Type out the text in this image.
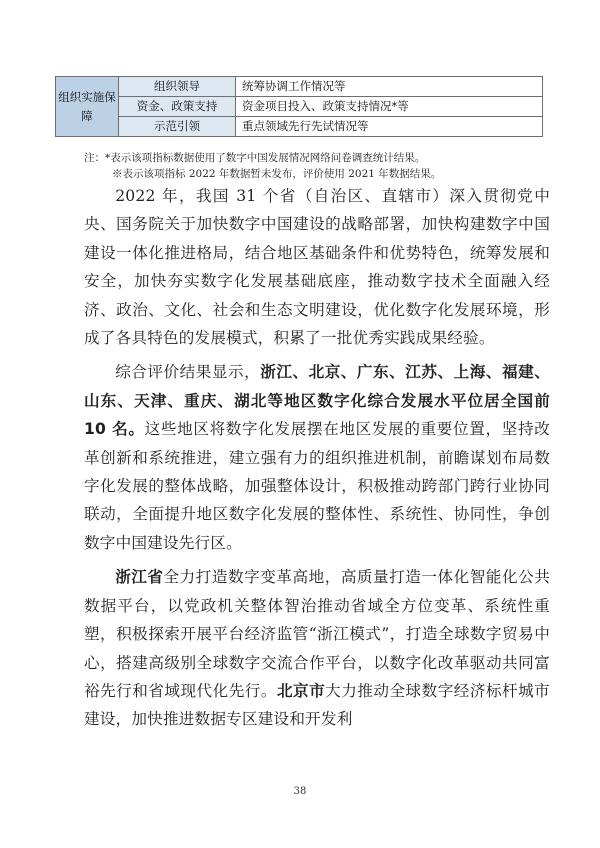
组织实施保障	组织领导	统筹协调工作情况等
	资金、政策支持	资金项目投入、政策支持情况*等
	示范引领	重点领域先行先试情况等
注：*表示该项指标数据使用了数字中国发展情况网络问卷调查统计结果。
※表示该项指标 2022 年数据暂未发布，评价使用 2021 年数据结果。

2022 年，我国 31 个省（自治区、直辖市）深入贯彻党中央、国务院关于加快数字中国建设的战略部署，加快构建数字中国建设一体化推进格局，结合地区基础条件和优势特色，统筹发展和安全，加快夯实数字化发展基础底座，推动数字技术全面融入经济、政治、文化、社会和生态文明建设，优化数字化发展环境，形成了各具特色的发展模式，积累了一批优秀实践成果经验。

综合评价结果显示，浙江、北京、广东、江苏、上海、福建、山东、天津、重庆、湖北等地区数字化综合发展水平位居全国前 10 名。这些地区将数字化发展摆在地区发展的重要位置，坚持改革创新和系统推进，建立强有力的组织推进机制，前瞻谋划布局数字化发展的整体战略，加强整体设计，积极推动跨部门跨行业协同联动，全面提升地区数字化发展的整体性、系统性、协同性，争创数字中国建设先行区。

浙江省全力打造数字变革高地，高质量打造一体化智能化公共数据平台，以党政机关整体智治推动省域全方位变革、系统性重塑，积极探索开展平台经济监管“浙江模式”，打造全球数字贸易中心，搭建高级别全球数字交流合作平台，以数字化改革驱动共同富裕先行和省域现代化先行。北京市大力推动全球数字经济标杆城市建设，加快推进数据专区建设和开发利

38
